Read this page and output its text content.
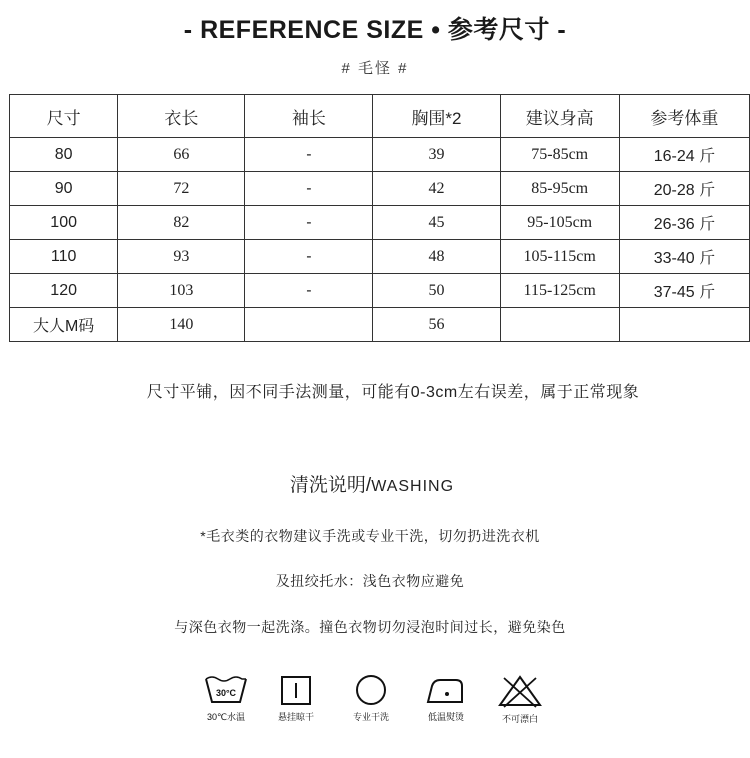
- REFERENCE SIZE • 参考尺寸 -
# 毛怪 #
尺寸	衣长	袖长	胸围*2	建议身高	参考体重
80	66	-	39	75-85cm	16-24 斤
90	72	-	42	85-95cm	20-28 斤
100	82	-	45	95-105cm	26-36 斤
110	93	-	48	105-115cm	33-40 斤
120	103	-	50	115-125cm	37-45 斤
大人M码	140		56		
尺寸平铺，因不同手法测量，可能有0-3cm左右误差，属于正常现象
清洗说明/WASHING
*毛衣类的衣物建议手洗或专业干洗，切勿扔进洗衣机
及扭绞托水：浅色衣物应避免
与深色衣物一起洗涤。撞色衣物切勿浸泡时间过长，避免染色
30°C
30℃水温	悬挂晾干	专业干洗	低温熨烫	不可漂白
